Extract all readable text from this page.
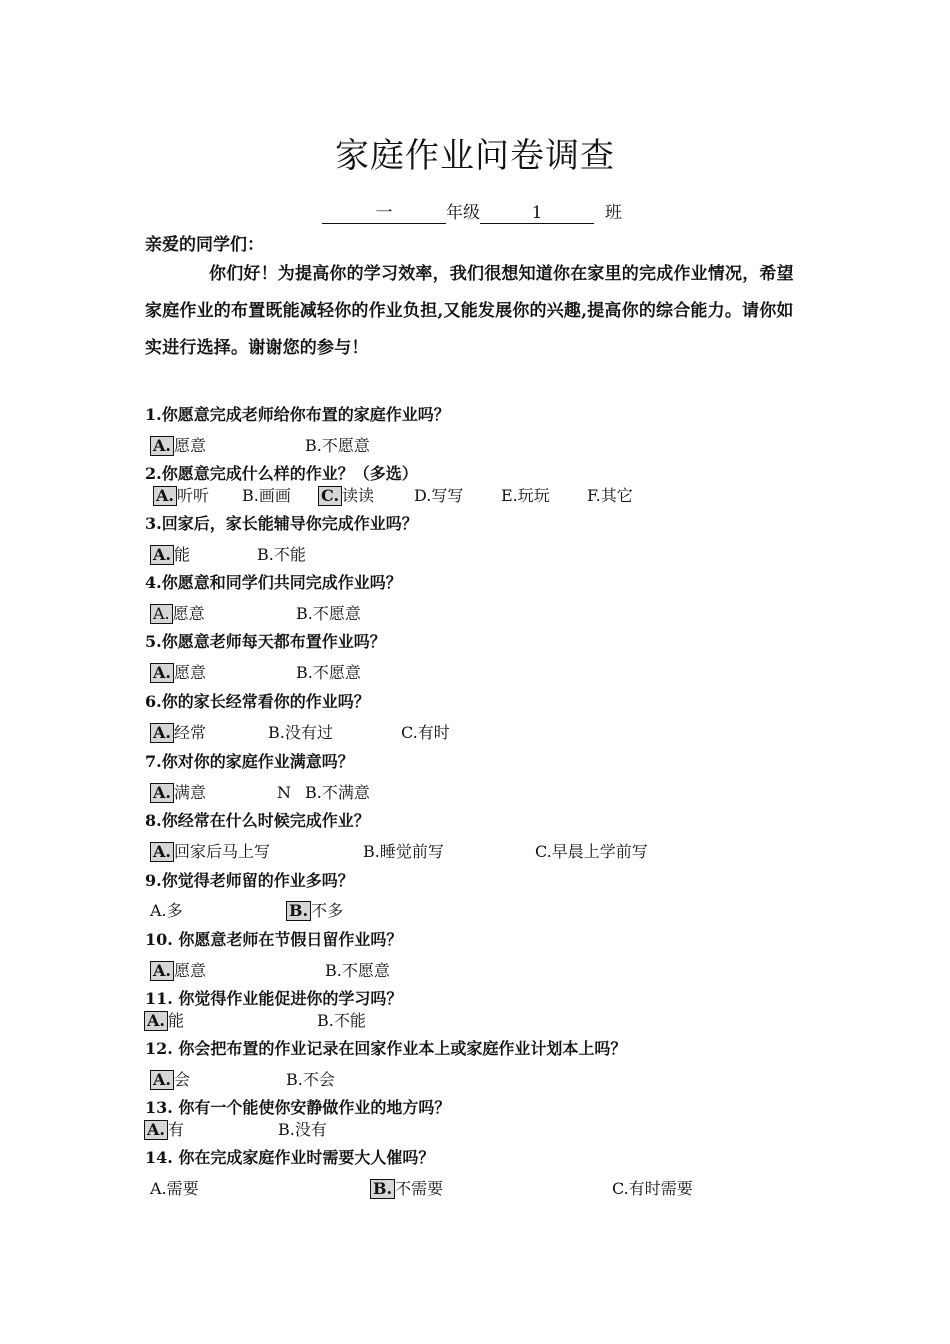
家庭作业问卷调查
一	年级	1	班
亲爱的同学们：
你们好！为提高你的学习效率，我们很想知道你在家里的完成作业情况，希望家庭作业的布置既能减轻你的作业负担,又能发展你的兴趣,提高你的综合能力。请你如实进行选择。谢谢您的参与！
1.你愿意完成老师给你布置的家庭作业吗？
A. 愿意	B.不愿意
2.你愿意完成什么样的作业？（多选）
A. 听听 B.画画 C. 读读 D.写写 E.玩玩 F.其它
3.回家后，家长能辅导你完成作业吗？
A. 能	B.不能
4.你愿意和同学们共同完成作业吗？
A. 愿意	B.不愿意
5.你愿意老师每天都布置作业吗？
A. 愿意	B.不愿意
6.你的家长经常看你的作业吗？
A. 经常	B.没有过	C.有时
7.你对你的家庭作业满意吗？
A. 满意	N B.不满意
8.你经常在什么时候完成作业？
A. 回家后马上写	B.睡觉前写	C.早晨上学前写
9.你觉得老师留的作业多吗？
A.多	B. 不多
10. 你愿意老师在节假日留作业吗？
A. 愿意	B.不愿意
11. 你觉得作业能促进你的学习吗？
A. 能	B.不能
12. 你会把布置的作业记录在回家作业本上或家庭作业计划本上吗？
A. 会	B.不会
13. 你有一个能使你安静做作业的地方吗？
A. 有	B.没有
14. 你在完成家庭作业时需要大人催吗？
A.需要	B. 不需要	C.有时需要
